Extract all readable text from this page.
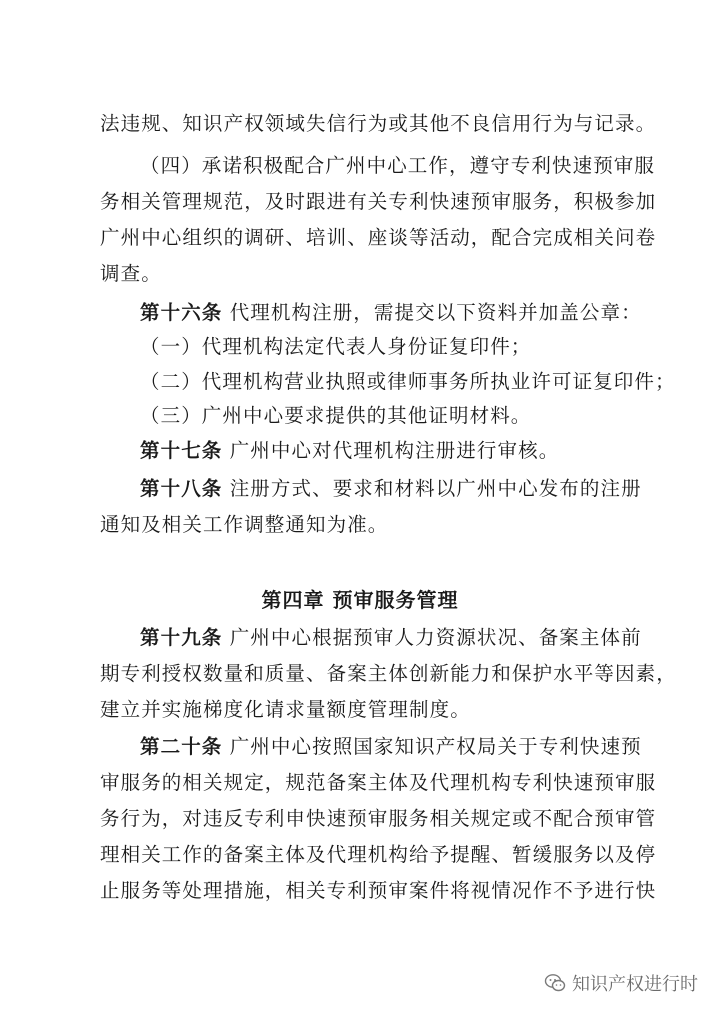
法违规、知识产权领域失信行为或其他不良信用行为与记录。
（四）承诺积极配合广州中心工作，遵守专利快速预审服
务相关管理规范，及时跟进有关专利快速预审服务，积极参加
广州中心组织的调研、培训、座谈等活动，配合完成相关问卷
调查。
第十六条 代理机构注册，需提交以下资料并加盖公章：
（一）代理机构法定代表人身份证复印件；
（二）代理机构营业执照或律师事务所执业许可证复印件；
（三）广州中心要求提供的其他证明材料。
第十七条 广州中心对代理机构注册进行审核。
第十八条 注册方式、要求和材料以广州中心发布的注册
通知及相关工作调整通知为准。
第四章 预审服务管理
第十九条 广州中心根据预审人力资源状况、备案主体前
期专利授权数量和质量、备案主体创新能力和保护水平等因素，
建立并实施梯度化请求量额度管理制度。
第二十条 广州中心按照国家知识产权局关于专利快速预
审服务的相关规定，规范备案主体及代理机构专利快速预审服
务行为，对违反专利申快速预审服务相关规定或不配合预审管
理相关工作的备案主体及代理机构给予提醒、暂缓服务以及停
止服务等处理措施，相关专利预审案件将视情况作不予进行快
知识产权进行时
